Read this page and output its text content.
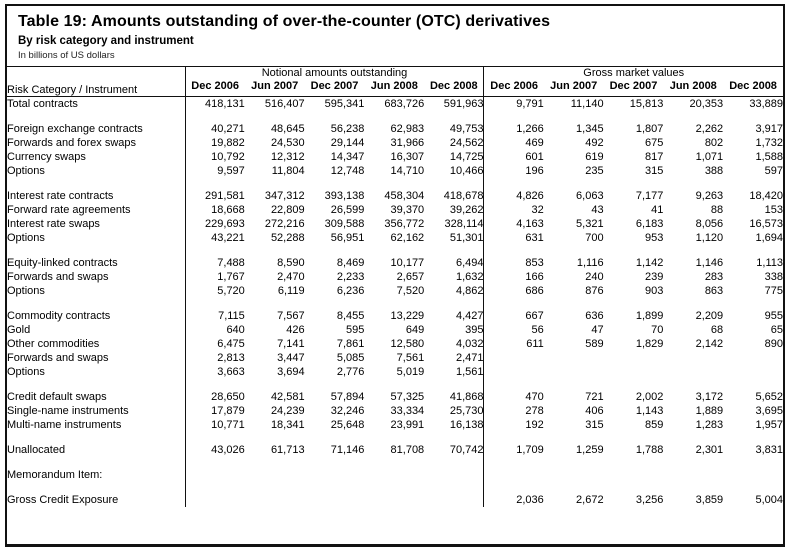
Table 19: Amounts outstanding of over-the-counter (OTC) derivatives
By risk category and instrument
In billions of US dollars
Risk Category / Instrument	Notional amounts outstanding					Gross market values				
	Dec 2006	Jun 2007	Dec 2007	Jun 2008	Dec 2008	Dec 2006	Jun 2007	Dec 2007	Jun 2008	Dec 2008
Total contracts	418,131	516,407	595,341	683,726	591,963	9,791	11,140	15,813	20,353	33,889
Foreign exchange contracts	40,271	48,645	56,238	62,983	49,753	1,266	1,345	1,807	2,262	3,917
Forwards and forex swaps	19,882	24,530	29,144	31,966	24,562	469	492	675	802	1,732
Currency swaps	10,792	12,312	14,347	16,307	14,725	601	619	817	1,071	1,588
Options	9,597	11,804	12,748	14,710	10,466	196	235	315	388	597
Interest rate contracts	291,581	347,312	393,138	458,304	418,678	4,826	6,063	7,177	9,263	18,420
Forward rate agreements	18,668	22,809	26,599	39,370	39,262	32	43	41	88	153
Interest rate swaps	229,693	272,216	309,588	356,772	328,114	4,163	5,321	6,183	8,056	16,573
Options	43,221	52,288	56,951	62,162	51,301	631	700	953	1,120	1,694
Equity-linked contracts	7,488	8,590	8,469	10,177	6,494	853	1,116	1,142	1,146	1,113
Forwards and swaps	1,767	2,470	2,233	2,657	1,632	166	240	239	283	338
Options	5,720	6,119	6,236	7,520	4,862	686	876	903	863	775
Commodity contracts	7,115	7,567	8,455	13,229	4,427	667	636	1,899	2,209	955
Gold	640	426	595	649	395	56	47	70	68	65
Other commodities	6,475	7,141	7,861	12,580	4,032	611	589	1,829	2,142	890
Forwards and swaps	2,813	3,447	5,085	7,561	2,471					
Options	3,663	3,694	2,776	5,019	1,561					
Credit default swaps	28,650	42,581	57,894	57,325	41,868	470	721	2,002	3,172	5,652
Single-name instruments	17,879	24,239	32,246	33,334	25,730	278	406	1,143	1,889	3,695
Multi-name instruments	10,771	18,341	25,648	23,991	16,138	192	315	859	1,283	1,957
Unallocated	43,026	61,713	71,146	81,708	70,742	1,709	1,259	1,788	2,301	3,831
Memorandum Item:										
Gross Credit Exposure						2,036	2,672	3,256	3,859	5,004
